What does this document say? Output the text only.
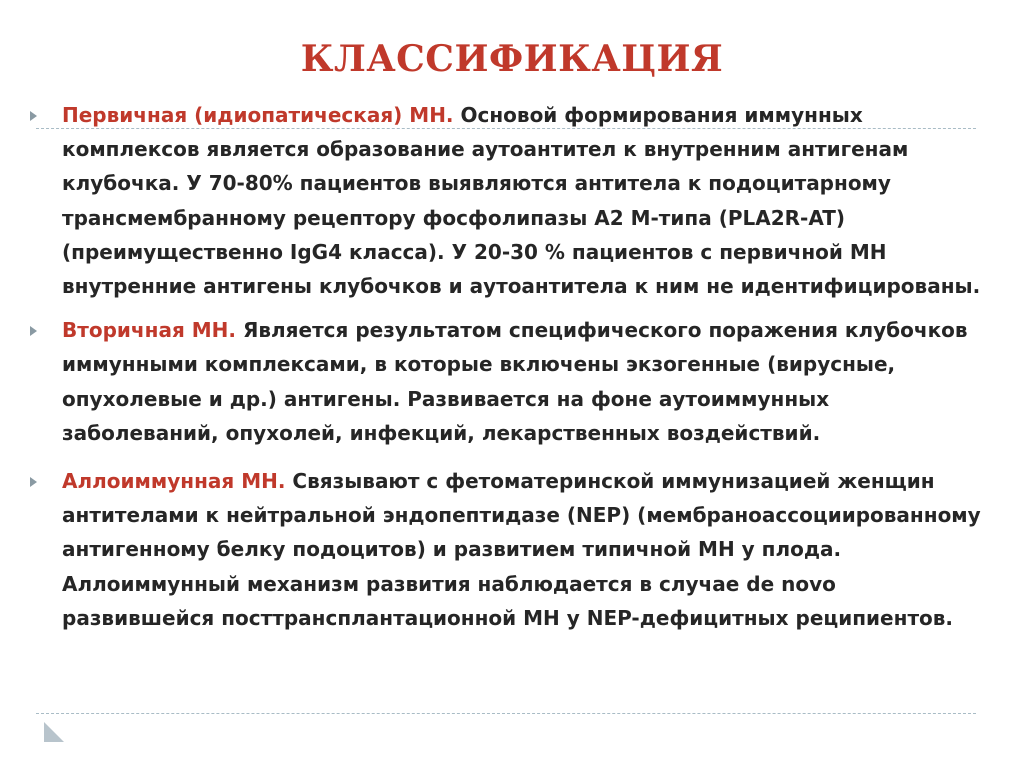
КЛАССИФИКАЦИЯ
Первичная (идиопатическая) МН. Основой формирования иммунных комплексов является образование аутоантител к внутренним антигенам клубочка. У 70-80% пациентов выявляются антитела к подоцитарному трансмембранному рецептору фосфолипазы А2 М-типа (PLA2R-AT) (преимущественно IgG4 класса). У 20-30 % пациентов с первичной МН внутренние антигены клубочков и аутоантитела к ним не идентифицированы.
Вторичная МН. Является результатом специфического поражения клубочков иммунными комплексами, в которые включены экзогенные (вирусные, опухолевые и др.) антигены. Развивается на фоне аутоиммунных заболеваний, опухолей, инфекций, лекарственных воздействий.
Аллоиммунная МН. Связывают с фетоматеринской иммунизацией женщин антителами к нейтральной эндопептидазе (NEP) (мембраноассоциированному антигенному белку подоцитов) и развитием типичной МН у плода. Аллоиммунный механизм развития наблюдается в случае de novo развившейся посттрансплантационной МН у NEP-дефицитных реципиентов.
